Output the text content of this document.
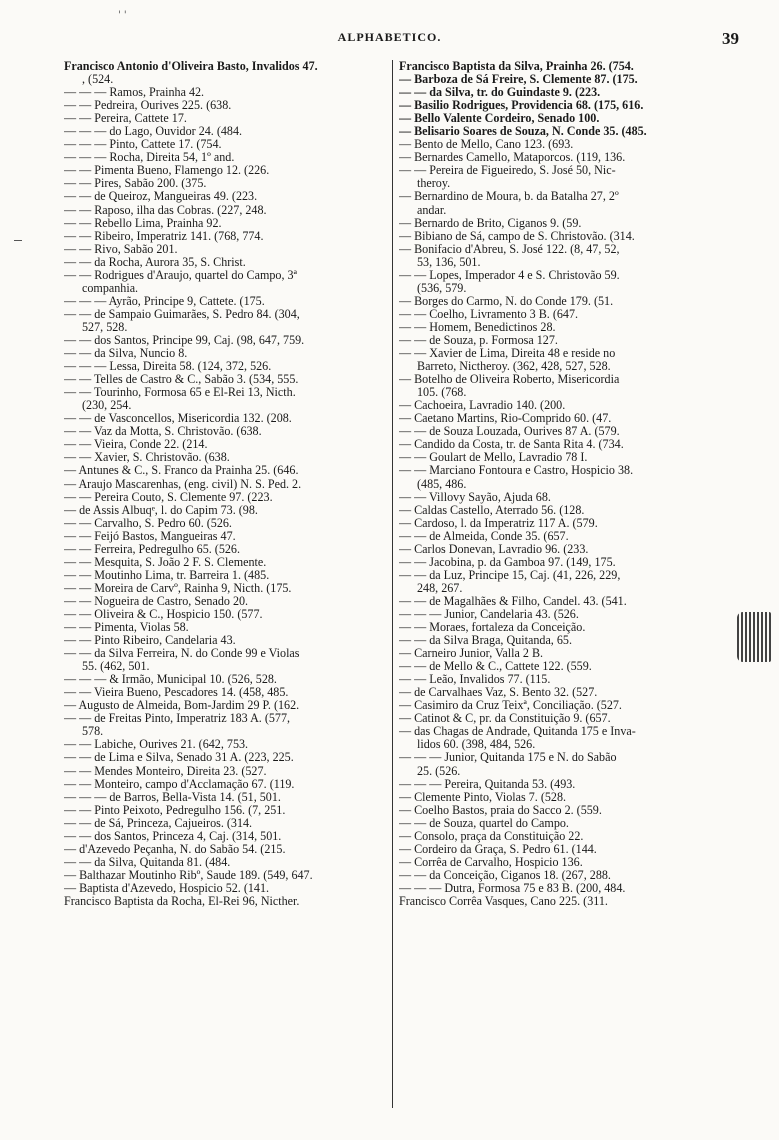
' '
ALPHABETICO.	39
Francisco Antonio d'Oliveira Basto, Invalidos 47.
, (524.
— — — Ramos, Prainha 42.
— — Pedreira, Ourives 225. (638.
— — Pereira, Cattete 17.
— — — do Lago, Ouvidor 24. (484.
— — — Pinto, Cattete 17. (754.
— — — Rocha, Direita 54, 1º and.
— — Pimenta Bueno, Flamengo 12. (226.
— — Pires, Sabão 200. (375.
— — de Queiroz, Mangueiras 49. (223.
— — Raposo, ilha das Cobras. (227, 248.
— — Rebello Lima, Prainha 92.
— — Ribeiro, Imperatriz 141. (768, 774.
— — Rivo, Sabão 201.
— — da Rocha, Aurora 35, S. Christ.
— — Rodrigues d'Araujo, quartel do Campo, 3ª
companhia.
— — — Ayrão, Principe 9, Cattete. (175.
— — de Sampaio Guimarães, S. Pedro 84. (304,
527, 528.
— — dos Santos, Principe 99, Caj. (98, 647, 759.
— — da Silva, Nuncio 8.
— — — Lessa, Direita 58. (124, 372, 526.
— — Telles de Castro & C., Sabão 3. (534, 555.
— — Tourinho, Formosa 65 e El-Rei 13, Nicth.
(230, 254.
— — de Vasconcellos, Misericordia 132. (208.
— — Vaz da Motta, S. Christovão. (638.
— — Vieira, Conde 22. (214.
— — Xavier, S. Christovão. (638.
— Antunes & C., S. Franco da Prainha 25. (646.
— Araujo Mascarenhas, (eng. civil) N. S. Ped. 2.
— — Pereira Couto, S. Clemente 97. (223.
— de Assis Albuqᵉ, l. do Capim 73. (98.
— — Carvalho, S. Pedro 60. (526.
— — Feijó Bastos, Mangueiras 47.
— — Ferreira, Pedregulho 65. (526.
— — Mesquita, S. João 2 F. S. Clemente.
— — Moutinho Lima, tr. Barreira 1. (485.
— — Moreira de Carvº, Rainha 9, Nicth. (175.
— — Nogueira de Castro, Senado 20.
— — Oliveira & C., Hospicio 150. (577.
— — Pimenta, Violas 58.
— — Pinto Ribeiro, Candelaria 43.
— — da Silva Ferreira, N. do Conde 99 e Violas
55. (462, 501.
— — — & Irmão, Municipal 10. (526, 528.
— — Vieira Bueno, Pescadores 14. (458, 485.
— Augusto de Almeida, Bom-Jardim 29 P. (162.
— — de Freitas Pinto, Imperatriz 183 A. (577,
578.
— — Labiche, Ourives 21. (642, 753.
— — de Lima e Silva, Senado 31 A. (223, 225.
— — Mendes Monteiro, Direita 23. (527.
— — Monteiro, campo d'Acclamação 67. (119.
— — — de Barros, Bella-Vista 14. (51, 501.
— — Pinto Peixoto, Pedregulho 156. (7, 251.
— — de Sá, Princeza, Cajueiros. (314.
— — dos Santos, Princeza 4, Caj. (314, 501.
— d'Azevedo Peçanha, N. do Sabão 54. (215.
— — da Silva, Quitanda 81. (484.
— Balthazar Moutinho Ribº, Saude 189. (549, 647.
— Baptista d'Azevedo, Hospicio 52. (141.
Francisco Baptista da Rocha, El-Rei 96, Nicther.
Francisco Baptista da Silva, Prainha 26. (754.
— Barboza de Sá Freire, S. Clemente 87. (175.
— — da Silva, tr. do Guindaste 9. (223.
— Basilio Rodrigues, Providencia 68. (175, 616.
— Bello Valente Cordeiro, Senado 100.
— Belisario Soares de Souza, N. Conde 35. (485.
— Bento de Mello, Cano 123. (693.
— Bernardes Camello, Mataporcos. (119, 136.
— — Pereira de Figueiredo, S. José 50, Nic-
theroy.
— Bernardino de Moura, b. da Batalha 27, 2º
andar.
— Bernardo de Brito, Ciganos 9. (59.
— Bibiano de Sá, campo de S. Christovão. (314.
— Bonifacio d'Abreu, S. José 122. (8, 47, 52,
53, 136, 501.
— — Lopes, Imperador 4 e S. Christovão 59.
(536, 579.
— Borges do Carmo, N. do Conde 179. (51.
— — Coelho, Livramento 3 B. (647.
— — Homem, Benedictinos 28.
— — de Souza, p. Formosa 127.
— — Xavier de Lima, Direita 48 e reside no
Barreto, Nictheroy. (362, 428, 527, 528.
— Botelho de Oliveira Roberto, Misericordia
105. (768.
— Cachoeira, Lavradio 140. (200.
— Caetano Martins, Rio-Comprido 60. (47.
— — de Souza Louzada, Ourives 87 A. (579.
— Candido da Costa, tr. de Santa Rita 4. (734.
— — Goulart de Mello, Lavradio 78 I.
— — Marciano Fontoura e Castro, Hospicio 38.
(485, 486.
— — Villovy Sayão, Ajuda 68.
— Caldas Castello, Aterrado 56. (128.
— Cardoso, l. da Imperatriz 117 A. (579.
— — de Almeida, Conde 35. (657.
— Carlos Donevan, Lavradio 96. (233.
— — Jacobina, p. da Gamboa 97. (149, 175.
— — da Luz, Principe 15, Caj. (41, 226, 229,
248, 267.
— — de Magalhães & Filho, Candel. 43. (541.
— — — Junior, Candelaria 43. (526.
— — Moraes, fortaleza da Conceição.
— — da Silva Braga, Quitanda, 65.
— Carneiro Junior, Valla 2 B.
— — de Mello & C., Cattete 122. (559.
— — Leão, Invalidos 77. (115.
— de Carvalhaes Vaz, S. Bento 32. (527.
— Casimiro da Cruz Teixª, Conciliação. (527.
— Catinot & C, pr. da Constituição 9. (657.
— das Chagas de Andrade, Quitanda 175 e Inva-
lidos 60. (398, 484, 526.
— — — Junior, Quitanda 175 e N. do Sabão
25. (526.
— — — Pereira, Quitanda 53. (493.
— Clemente Pinto, Violas 7. (528.
— Coelho Bastos, praia do Sacco 2. (559.
— — de Souza, quartel do Campo.
— Consolo, praça da Constituição 22.
— Cordeiro da Graça, S. Pedro 61. (144.
— Corrêa de Carvalho, Hospicio 136.
— — da Conceição, Ciganos 18. (267, 288.
— — — Dutra, Formosa 75 e 83 B. (200, 484.
Francisco Corrêa Vasques, Cano 225. (311.
